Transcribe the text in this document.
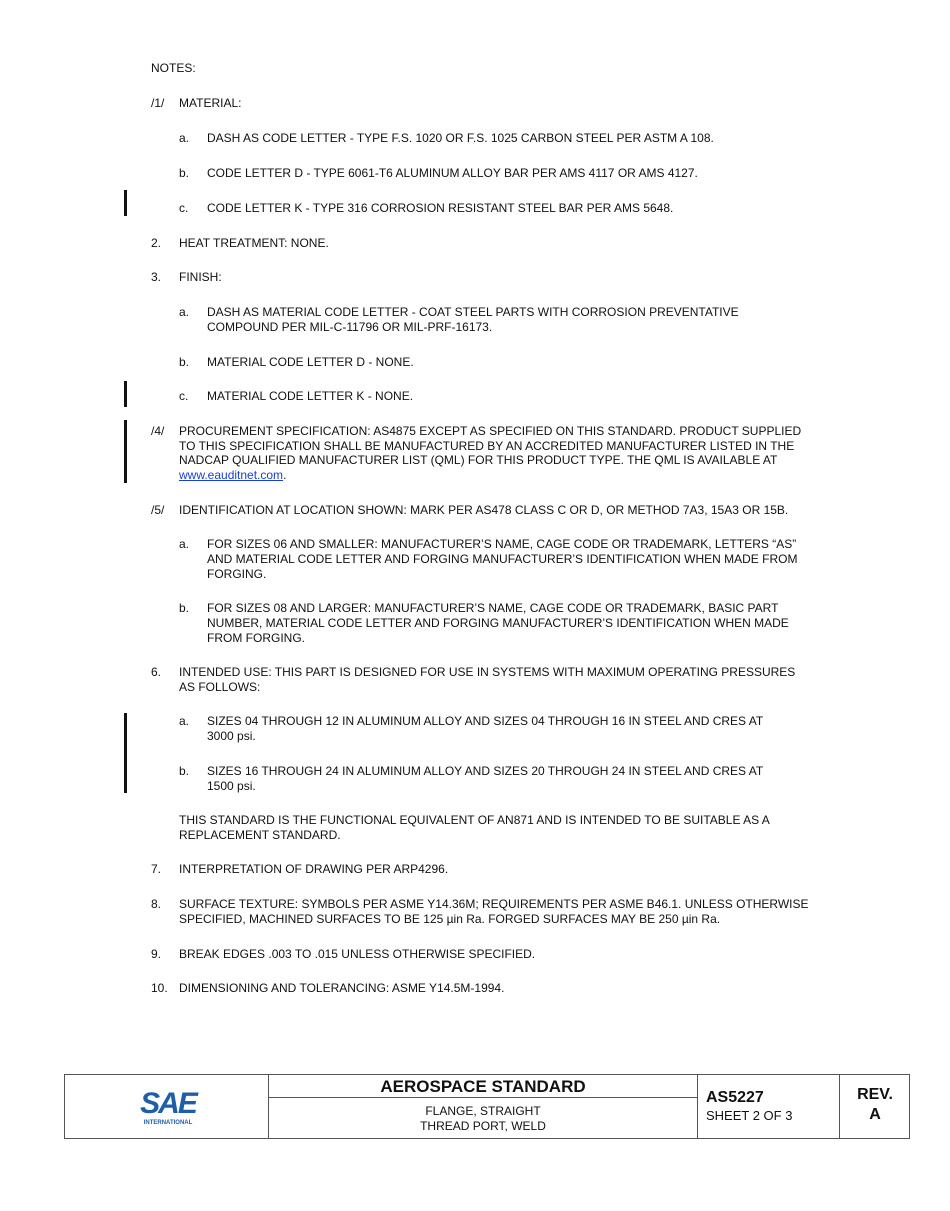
NOTES:
/1/ MATERIAL:
a. DASH AS CODE LETTER - TYPE F.S. 1020 OR F.S. 1025 CARBON STEEL PER ASTM A 108.
b. CODE LETTER D - TYPE 6061-T6 ALUMINUM ALLOY BAR PER AMS 4117 OR AMS 4127.
c. CODE LETTER K - TYPE 316 CORROSION RESISTANT STEEL BAR PER AMS 5648.
2. HEAT TREATMENT: NONE.
3. FINISH:
a. DASH AS MATERIAL CODE LETTER - COAT STEEL PARTS WITH CORROSION PREVENTATIVE
COMPOUND PER MIL-C-11796 OR MIL-PRF-16173.
b. MATERIAL CODE LETTER D - NONE.
c. MATERIAL CODE LETTER K - NONE.
/4/ PROCUREMENT SPECIFICATION: AS4875 EXCEPT AS SPECIFIED ON THIS STANDARD. PRODUCT SUPPLIED
TO THIS SPECIFICATION SHALL BE MANUFACTURED BY AN ACCREDITED MANUFACTURER LISTED IN THE
NADCAP QUALIFIED MANUFACTURER LIST (QML) FOR THIS PRODUCT TYPE. THE QML IS AVAILABLE AT
www.eauditnet.com.
/5/ IDENTIFICATION AT LOCATION SHOWN: MARK PER AS478 CLASS C OR D, OR METHOD 7A3, 15A3 OR 15B.
a. FOR SIZES 06 AND SMALLER: MANUFACTURER’S NAME, CAGE CODE OR TRADEMARK, LETTERS “AS”
AND MATERIAL CODE LETTER AND FORGING MANUFACTURER’S IDENTIFICATION WHEN MADE FROM
FORGING.
b. FOR SIZES 08 AND LARGER: MANUFACTURER’S NAME, CAGE CODE OR TRADEMARK, BASIC PART
NUMBER, MATERIAL CODE LETTER AND FORGING MANUFACTURER’S IDENTIFICATION WHEN MADE
FROM FORGING.
6. INTENDED USE: THIS PART IS DESIGNED FOR USE IN SYSTEMS WITH MAXIMUM OPERATING PRESSURES
AS FOLLOWS:
a. SIZES 04 THROUGH 12 IN ALUMINUM ALLOY AND SIZES 04 THROUGH 16 IN STEEL AND CRES AT
3000 psi.
b. SIZES 16 THROUGH 24 IN ALUMINUM ALLOY AND SIZES 20 THROUGH 24 IN STEEL AND CRES AT
1500 psi.
THIS STANDARD IS THE FUNCTIONAL EQUIVALENT OF AN871 AND IS INTENDED TO BE SUITABLE AS A
REPLACEMENT STANDARD.
7. INTERPRETATION OF DRAWING PER ARP4296.
8. SURFACE TEXTURE: SYMBOLS PER ASME Y14.36M; REQUIREMENTS PER ASME B46.1. UNLESS OTHERWISE
SPECIFIED, MACHINED SURFACES TO BE 125 µin Ra. FORGED SURFACES MAY BE 250 µin Ra.
9. BREAK EDGES .003 TO .015 UNLESS OTHERWISE SPECIFIED.
10. DIMENSIONING AND TOLERANCING: ASME Y14.5M-1994.
SAE
INTERNATIONAL
AEROSPACE STANDARD
FLANGE, STRAIGHT
THREAD PORT, WELD
AS5227
SHEET 2 OF 3
REV.
A
